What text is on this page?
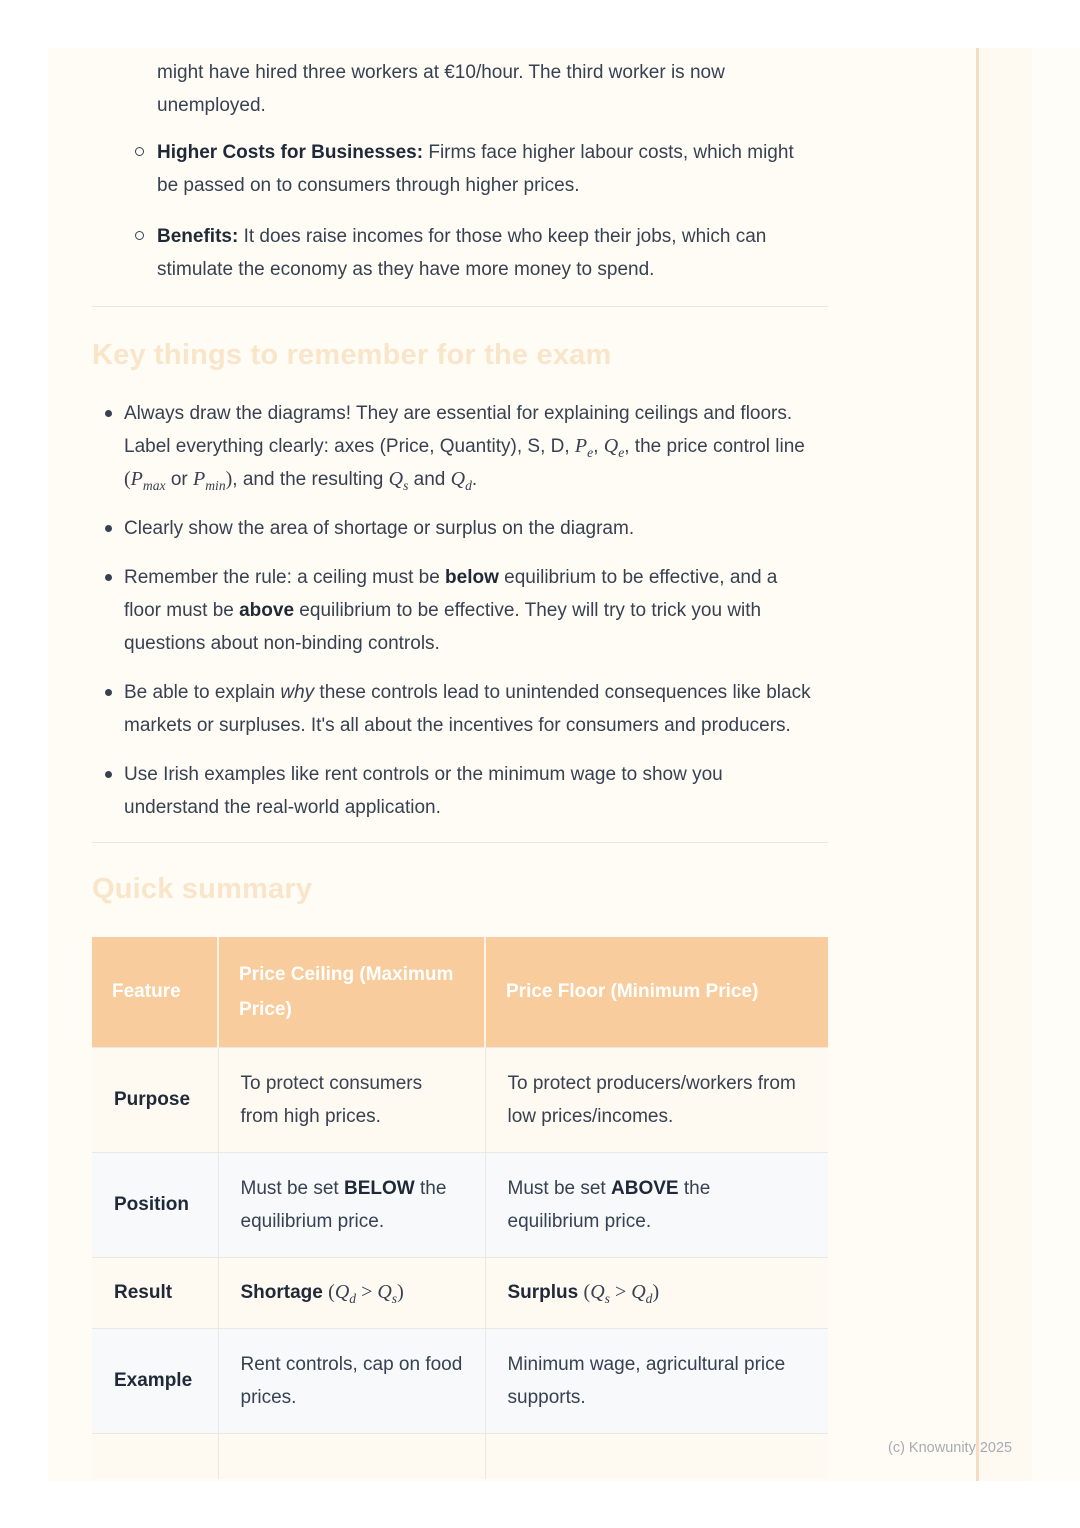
might have hired three workers at €10/hour. The third worker is now unemployed.

Higher Costs for Businesses: Firms face higher labour costs, which might be passed on to consumers through higher prices.
Benefits: It does raise incomes for those who keep their jobs, which can stimulate the economy as they have more money to spend.
Key things to remember for the exam
Always draw the diagrams! They are essential for explaining ceilings and floors. Label everything clearly: axes (Price, Quantity), S, D, $P_e$, $Q_e$, the price control line ($P_{max}$ or $P_{min}$), and the resulting $Q_s$ and $Q_d$.
Clearly show the area of shortage or surplus on the diagram.
Remember the rule: a ceiling must be below equilibrium to be effective, and a floor must be above equilibrium to be effective. They will try to trick you with questions about non-binding controls.
Be able to explain why these controls lead to unintended consequences like black markets or surpluses. It's all about the incentives for consumers and producers.
Use Irish examples like rent controls or the minimum wage to show you understand the real-world application.
Quick summary
Feature	Price Ceiling (Maximum Price)	Price Floor (Minimum Price)
Purpose	To protect consumers from high prices.	To protect producers/workers from low prices/incomes.
Position	Must be set BELOW the equilibrium price.	Must be set ABOVE the equilibrium price.
Result	Shortage $(Q_d > Q_s)$	Surplus $(Q_s > Q_d)$
Example	Rent controls, cap on food prices.	Minimum wage, agricultural price supports.

(c) Knowunity 2025
